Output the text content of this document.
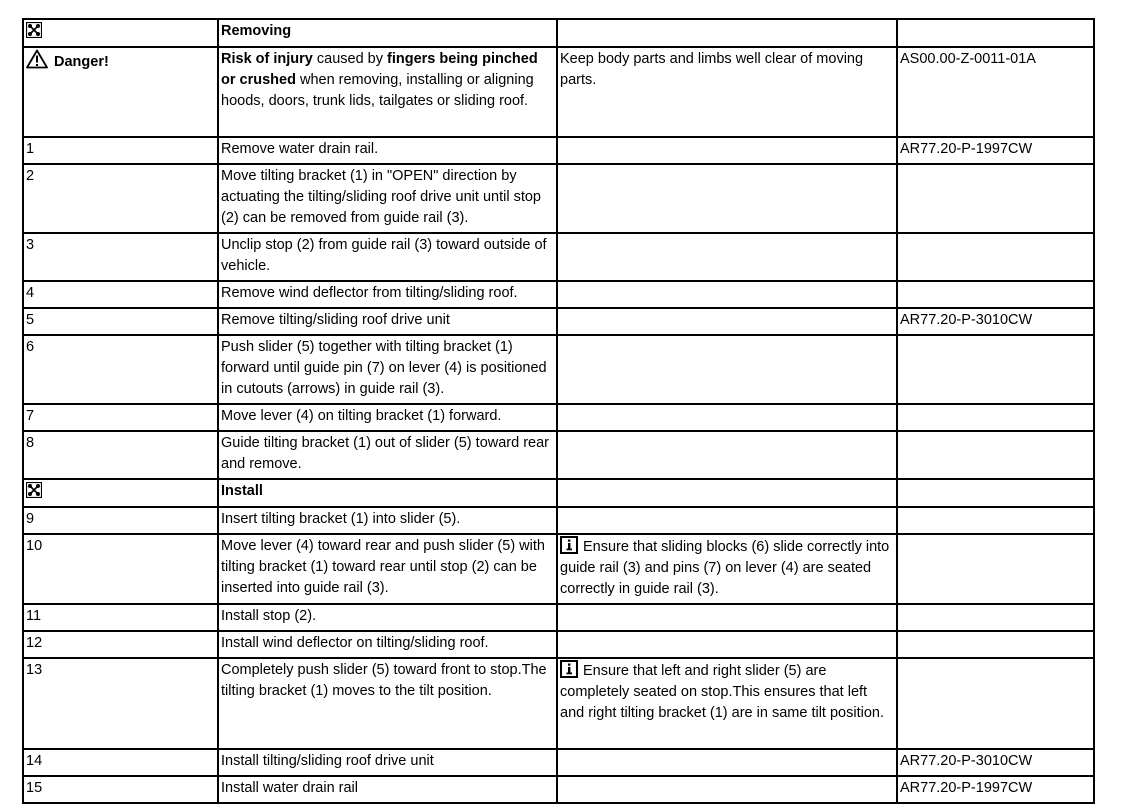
	Removing		
Danger!	Risk of injury caused by fingers being pinched or crushed when removing, installing or aligning hoods, doors, trunk lids, tailgates or sliding roof.	Keep body parts and limbs well clear of moving parts.	AS00.00-Z-0011-01A
1	Remove water drain rail.		AR77.20-P-1997CW
2	Move tilting bracket (1) in "OPEN" direction by actuating the tilting/sliding roof drive unit until stop (2) can be removed from guide rail (3).		
3	Unclip stop (2) from guide rail (3) toward outside of vehicle.		
4	Remove wind deflector from tilting/sliding roof.		
5	Remove tilting/sliding roof drive unit		AR77.20-P-3010CW
6	Push slider (5) together with tilting bracket (1) forward until guide pin (7) on lever (4) is positioned in cutouts (arrows) in guide rail (3).		
7	Move lever (4) on tilting bracket (1) forward.		
8	Guide tilting bracket (1) out of slider (5) toward rear and remove.		
	Install		
9	Insert tilting bracket (1) into slider (5).		
10	Move lever (4) toward rear and push slider (5) with tilting bracket (1) toward rear until stop (2) can be inserted into guide rail (3).	Ensure that sliding blocks (6) slide correctly into guide rail (3) and pins (7) on lever (4) are seated correctly in guide rail (3).	
11	Install stop (2).		
12	Install wind deflector on tilting/sliding roof.		
13	Completely push slider (5) toward front to stop.The tilting bracket (1) moves to the tilt position.	Ensure that left and right slider (5) are completely seated on stop.This ensures that left and right tilting bracket (1) are in same tilt position.	
14	Install tilting/sliding roof drive unit		AR77.20-P-3010CW
15	Install water drain rail		AR77.20-P-1997CW
